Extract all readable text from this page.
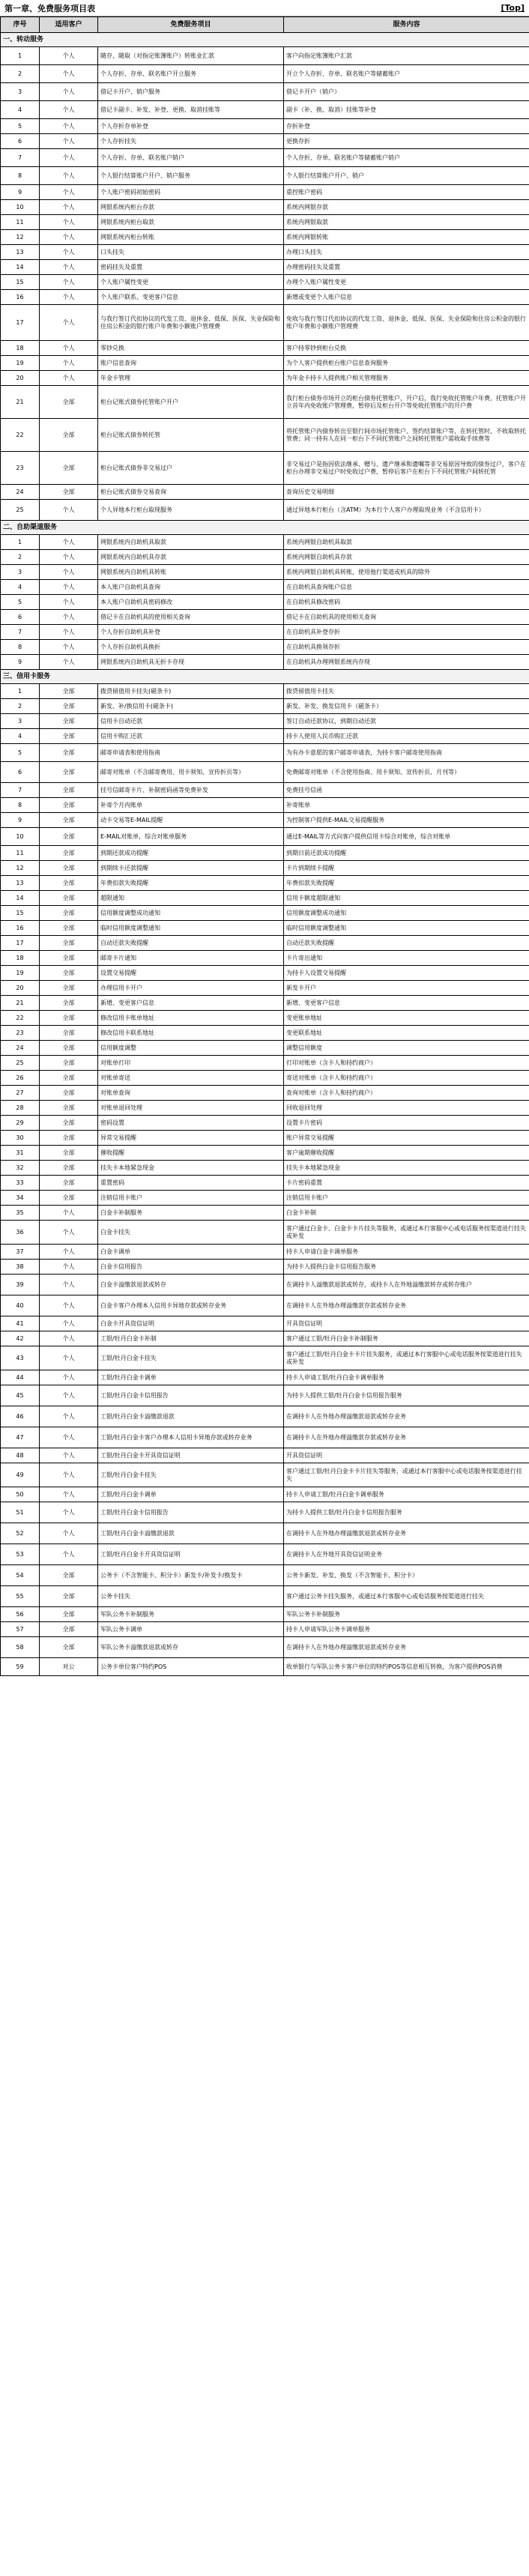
第一章、免费服务项目表	[Top]
序号	适用客户	免费服务项目	服务内容
一、转动服务			
1	个人	随存、随取（对指定账簿账户）转账业汇款	客户向指定账簿账户汇款
2	个人	个人存折、存单、联名账户开立服务	开立个人存折、存单、联名账户等储蓄账户
3	个人	借记卡开户、销户服务	借记卡开户（销户）
4	个人	借记卡副卡、补发、补登、更换、取消挂账等	副卡（补、换、取消）挂账等补登
5	个人	个人存折存单补登	存折补登
6	个人	个人存折挂失	更换存折
7	个人	个人存折、存单、联名账户销户	个人存折、存单、联名账户等储蓄账户销户
8	个人	个人银行结算账户开户、销户服务	个人银行结算账户开户、销户
9	个人	个人账户密码初始密码	重控账户密码
10	个人	网银系统内柜台存款	系统内网银存款
11	个人	网银系统内柜台取款	系统内网银取款
12	个人	网银系统内柜台转账	系统内网银转账
13	个人	口头挂失	办理口头挂失
14	个人	密码挂失及重置	办理密码挂失及重置
15	个人	个人账户属性变更	办理个人账户属性变更
16	个人	个人账户联系、变更客户信息	新增或变更个人账户信息
17	个人	与我行签订代扣协议的代发工资、退休金、低保、医保、失业保险和住房公积金的银行账户年费和小额账户管理费	免收与我行签订代扣协议的代发工资、退休金、低保、医保、失业保险和住房公积金的银行账户年费和小额账户管理费
18	个人	零钞兑换	客户持零钞到柜台兑换
19	个人	账户信息查询	为个人客户提供柜台账户信息查询服务
20	个人	年金卡管理	为年金卡持卡人提供账户相关管理服务
21	全部	柜台记账式债券托管账户开户	我行柜台债券市场开立的柜台债券托管账户，开户后，我行免收托管账户年费，托管账户开立首年内免收账户管理费，暂停后及柜台开户等免收托管账户的开户费
22	全部	柜台记账式债券转托管	将托管账户内债券转出至银行间市场托管账户、签约结算账户等，在转托管时，不收取转托管费；同一持有人在同一柜台下不同托管账户之间转托管账户需收取手续费等
23	全部	柜台记账式债券非交易过户	非交易过户是指因依法继承、赠与、遗产继承和遗嘱等非交易原因导致的债券过户，客户在柜台办理非交易过户时免收过户费，暂停后客户在柜台下不同托管账户间转托管
24	全部	柜台记账式债券交易查询	查询历史交易明细
25	个人	个人异地本行柜台取现服务	通过异地本行柜台（含ATM）为本行个人客户办理取现业务（不含信用卡）
二、自助渠道服务			
1	个人	网银系统内自助机具取款	系统内网银自助机具取款
2	个人	网银系统内自助机具存款	系统内网银自助机具存款
3	个人	网银系统内自助机具转账	系统内网银自助机具转账，使用他行渠道或机具的除外
4	个人	本人账户自助机具查询	在自助机具查询账户信息
5	个人	本人账户自助机具密码修改	在自助机具修改密码
6	个人	借记卡在自助机具的使用相关查询	借记卡在自助机具的使用相关查询
7	个人	个人存折自助机具补登	在自助机具补登存折
8	个人	个人存折自助机具换折	在自助机具换领存折
9	个人	网银系统内自助机具无折卡存现	在自助机具办理网银系统内存现
三、信用卡服务			
1	全部	拨贷留值用卡挂失(磁条卡)	拨贷留值用卡挂失
2	全部	新发、补/换信用卡(磁条卡)	新发、补发、换发信用卡（磁条卡）
3	全部	信用卡自动还款	签订自动还款协议，到期自动还款
4	全部	信用卡购汇还款	持卡人使用人民币购汇还款
5	全部	邮寄申请表和使用指南	为有办卡意愿的客户邮寄申请表，为持卡客户邮寄使用指南
6	全部	邮寄对账单（不含邮寄费用、用卡须知、宣传折页等）	免费邮寄对账单（不含使用指南、用卡须知、宣传折页、月刊等）
7	全部	挂号信邮寄卡片、补制密码函等免费补发	免费挂号信函
8	全部	补寄个月内账单	补寄账单
9	全部	动卡交易等E-MAIL提醒	为控制客户提供E-MAIL交易提醒服务
10	全部	E-MAIL对账单，综合对账单服务	通过E-MAIL等方式向客户提供信用卡综合对账单，综合对账单
11	全部	到期还款成功提醒	到期日前还款成功提醒
12	全部	到期续卡还款提醒	卡片到期续卡提醒
13	全部	年费扣款失败提醒	年费扣款失败提醒
14	全部	超限通知	信用卡额度超限通知
15	全部	信用额度调整成功通知	信用额度调整成功通知
16	全部	临时信用额度调整通知	临时信用额度调整通知
17	全部	自动还款失败提醒	自动还款失败提醒
18	全部	邮寄卡片通知	卡片寄出通知
19	全部	设置交易提醒	为持卡人设置交易提醒
20	全部	办理信用卡开户	新发卡开户
21	全部	新增、变更客户信息	新增、变更客户信息
22	全部	修改信用卡账单地址	变更账单地址
23	全部	修改信用卡联系地址	变更联系地址
24	全部	信用额度调整	调整信用额度
25	全部	对账单打印	打印对账单（含卡人和持约商户）
26	全部	对账单寄送	寄送对账单（含卡人和持约商户）
27	全部	对账单查询	查询对账单（含卡人和持约商户）
28	全部	对账单退回处理	回收退回处理
29	全部	密码设置	设置卡片密码
30	全部	异常交易提醒	账户异常交易提醒
31	全部	催收提醒	客户逾期催收提醒
32	全部	挂失卡本地紧急现金	挂失卡本地紧急现金
33	全部	重置密码	卡片密码重置
34	全部	注销信用卡账户	注销信用卡账户
35	个人	白金卡补制服务	白金卡补制
36	个人	白金卡挂失	客户通过白金卡、白金卡卡片挂失等服务，或通过本行客服中心或电话服务按渠道进行挂失或补发
37	个人	白金卡调单	持卡人申请白金卡调单服务
38	个人	白金卡信用报告	为持卡人提供白金卡信用报告服务
39	个人	白金卡溢缴款退款或转存	在调持卡人溢缴款退款或转存，或持卡人在外地溢缴款转存或转存账户
40	个人	白金卡客户办理本人信用卡异地存款或转存业务	在调持卡人在外地办理溢缴款存款或转存业务
41	个人	白金卡开具资信证明	开具资信证明
42	个人	工银/牡丹白金卡补制	客户通过工银/牡丹白金卡补制服务
43	个人	工银/牡丹白金卡挂失	客户通过工银/牡丹白金卡卡片挂失服务，或通过本行客服中心或电话服务按渠道进行挂失或补发
44	个人	工银/牡丹白金卡调单	持卡人申请工银/牡丹白金卡调单服务
45	个人	工银/牡丹白金卡信用报告	为持卡人提供工银/牡丹白金卡信用报告服务
46	个人	工银/牡丹白金卡溢缴款退款	在调持卡人在外地办理溢缴款退款或转存业务
47	个人	工银/牡丹白金卡客户办理本人信用卡异地存款或转存业务	在调持卡人在外地办理溢缴款存款或转存业务
48	个人	工银/牡丹白金卡开具资信证明	开具资信证明
49	个人	工银/牡丹白金卡挂失	客户通过工银/牡丹白金卡卡片挂失等服务，或通过本行客服中心或电话服务按渠道进行挂失
50	个人	工银/牡丹白金卡调单	持卡人申请工银/牡丹白金卡调单服务
51	个人	工银/牡丹白金卡信用报告	为持卡人提供工银/牡丹白金卡信用报告服务
52	个人	工银/牡丹白金卡溢缴款退款	在调持卡人在外地办理溢缴款退款或转存业务
53	个人	工银/牡丹白金卡开具资信证明	在调持卡人在外地开具资信证明业务
54	全部	公务卡（不含智能卡、积分卡）新发卡/补发卡/换发卡	公务卡新发、补发、换发（不含智能卡、积分卡）
55	全部	公务卡挂失	客户通过公务卡挂失服务，或通过本行客服中心或电话服务按渠道进行挂失
56	全部	军队公务卡补制服务	军队公务卡补制服务
57	全部	军队公务卡调单	持卡人申请军队公务卡调单服务
58	全部	军队公务卡溢缴款退款或转存	在调持卡人在外地办理溢缴款退款或转存业务
59	对公	公务卡单位客户特约POS	收单银行与军队公务卡客户单位的特约POS等信息相互转换，为客户提供POS消费
